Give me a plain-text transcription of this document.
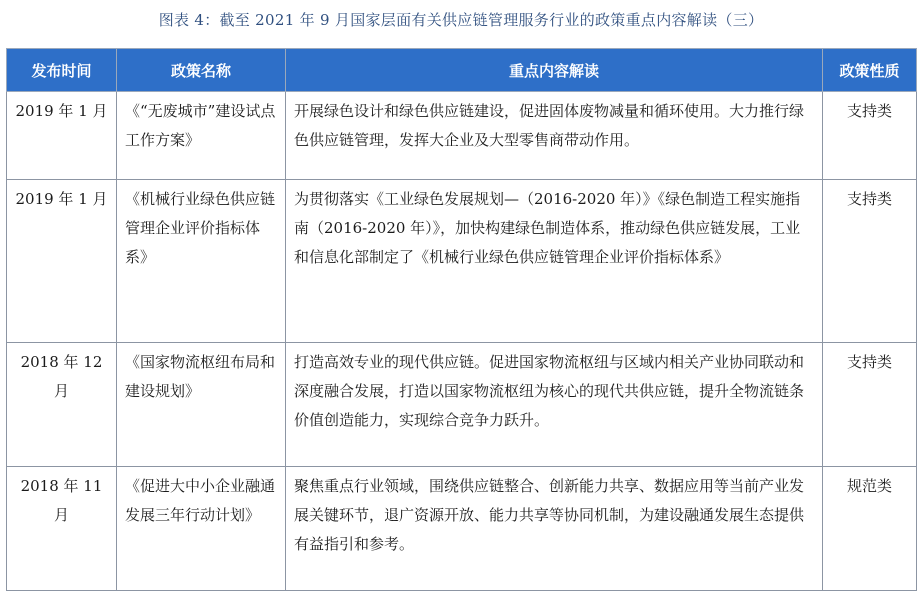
图表 4：截至 2021 年 9 月国家层面有关供应链管理服务行业的政策重点内容解读（三）
发布时间	政策名称	重点内容解读	政策性质
2019 年 1 月	《“无废城市”建设试点工作方案》	开展绿色设计和绿色供应链建设，促进固体废物减量和循环使用。大力推行绿色供应链管理，发挥大企业及大型零售商带动作用。	支持类
2019 年 1 月	《机械行业绿色供应链管理企业评价指标体系》	为贯彻落实《工业绿色发展规划—（2016-2020 年）》《绿色制造工程实施指南（2016-2020 年）》，加快构建绿色制造体系，推动绿色供应链发展，工业和信息化部制定了《机械行业绿色供应链管理企业评价指标体系》	支持类
2018 年 12 月	《国家物流枢纽布局和建设规划》	打造高效专业的现代供应链。促进国家物流枢纽与区域内相关产业协同联动和深度融合发展，打造以国家物流枢纽为核心的现代共供应链，提升全物流链条价值创造能力，实现综合竞争力跃升。	支持类
2018 年 11 月	《促进大中小企业融通发展三年行动计划》	聚焦重点行业领域，围绕供应链整合、创新能力共享、数据应用等当前产业发展关键环节，退广资源开放、能力共享等协同机制，为建设融通发展生态提供有益指引和参考。	规范类
